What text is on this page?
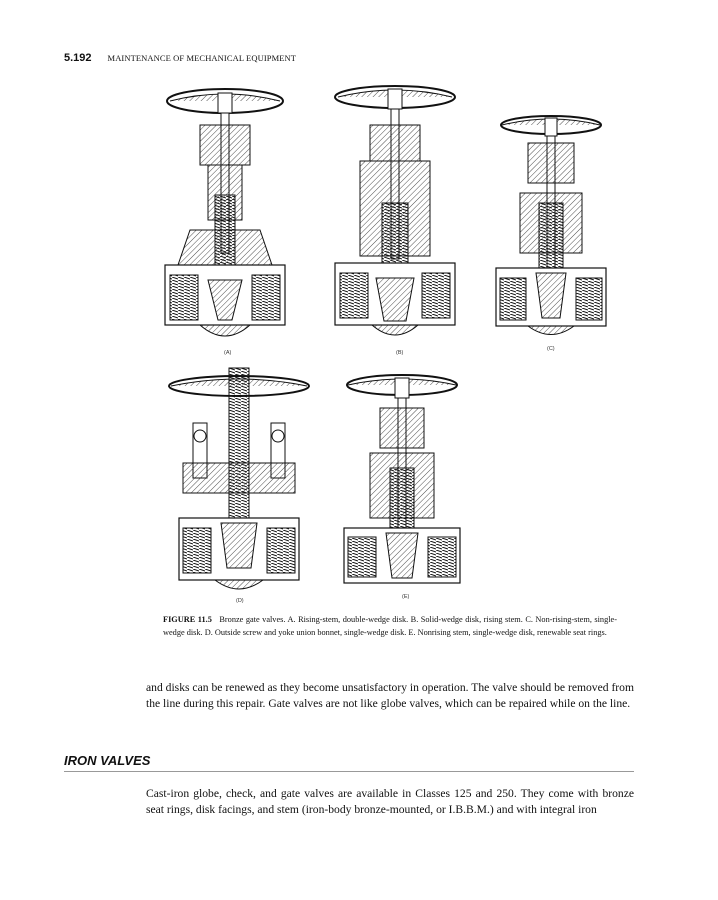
5.192 MAINTENANCE OF MECHANICAL EQUIPMENT
(A)	(B)
(C)
(D)
(E)
FIGURE 11.5 Bronze gate valves. A. Rising-stem, double-wedge disk. B. Solid-wedge disk, rising stem. C. Non-rising-stem, single-wedge disk. D. Outside screw and yoke union bonnet, single-wedge disk. E. Nonrising stem, single-wedge disk, renewable seat rings.
and disks can be renewed as they become unsatisfactory in operation. The valve should be removed from the line during this repair. Gate valves are not like globe valves, which can be repaired while on the line.
IRON VALVES
Cast-iron globe, check, and gate valves are available in Classes 125 and 250. They come with bronze seat rings, disk facings, and stem (iron-body bronze-mounted, or I.B.B.M.) and with integral iron
